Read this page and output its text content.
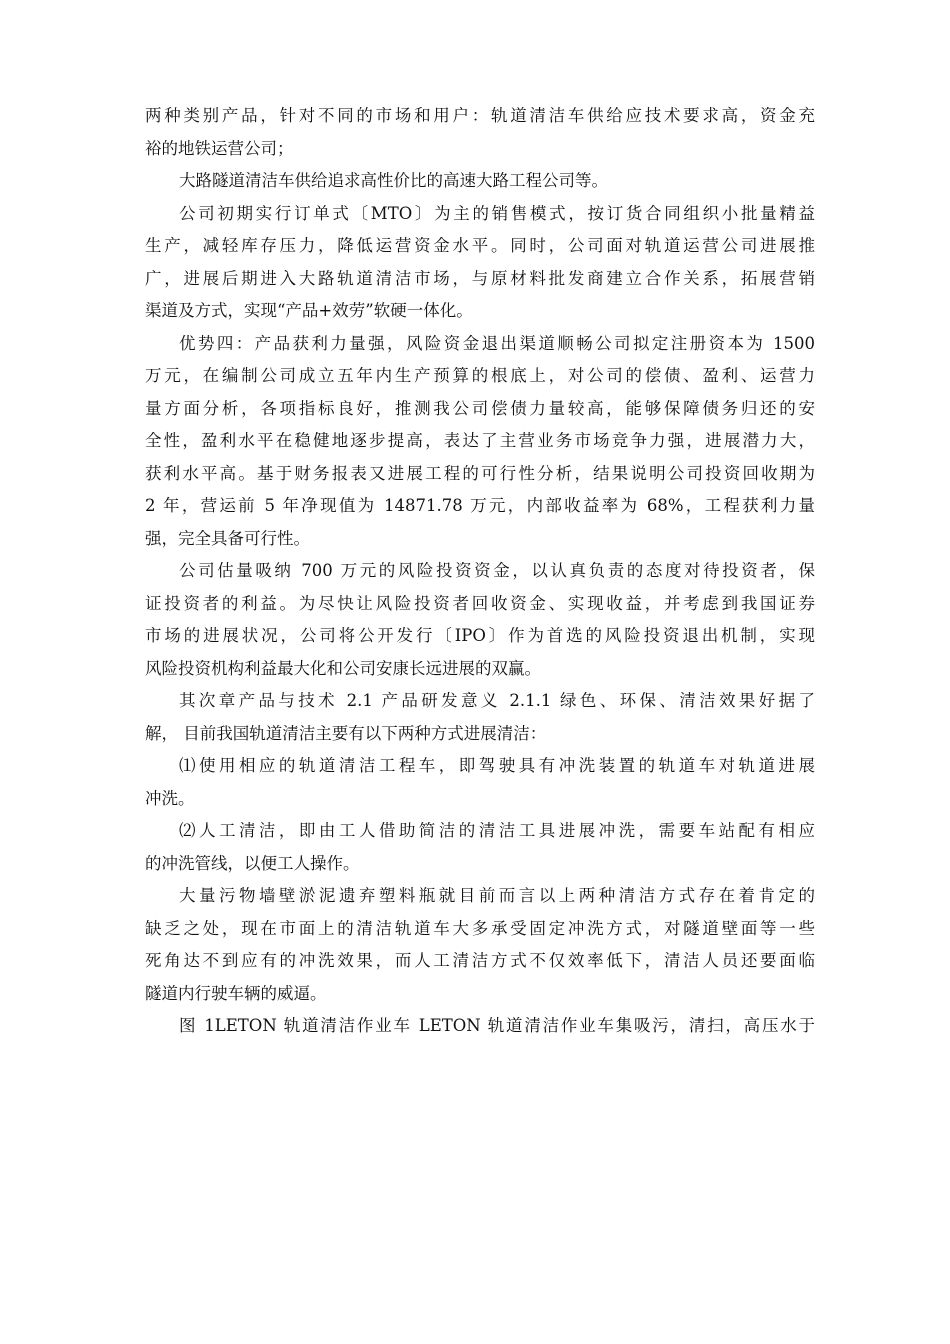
两种类别产品，针对不同的市场和用户：轨道清洁车供给应技术要求高，资金充
裕的地铁运营公司；
大路隧道清洁车供给追求高性价比的高速大路工程公司等。
公司初期实行订单式〔MTO〕为主的销售模式，按订货合同组织小批量精益
生产，减轻库存压力，降低运营资金水平。同时，公司面对轨道运营公司进展推
广，进展后期进入大路轨道清洁市场，与原材料批发商建立合作关系，拓展营销
渠道及方式，实现“产品+效劳”软硬一体化。
优势四：产品获利力量强，风险资金退出渠道顺畅公司拟定注册资本为 1500
万元，在编制公司成立五年内生产预算的根底上，对公司的偿债、盈利、运营力
量方面分析，各项指标良好，推测我公司偿债力量较高，能够保障债务归还的安
全性，盈利水平在稳健地逐步提高，表达了主营业务市场竞争力强，进展潜力大，
获利水平高。基于财务报表又进展工程的可行性分析，结果说明公司投资回收期为
2 年，营运前 5 年净现值为 14871.78 万元，内部收益率为 68%，工程获利力量
强，完全具备可行性。
公司估量吸纳 700 万元的风险投资资金，以认真负责的态度对待投资者，保
证投资者的利益。为尽快让风险投资者回收资金、实现收益，并考虑到我国证券
市场的进展状况，公司将公开发行〔IPO〕作为首选的风险投资退出机制，实现
风险投资机构利益最大化和公司安康长远进展的双赢。
其次章产品与技术 2.1 产品研发意义 2.1.1 绿色、环保、清洁效果好据了
解， 目前我国轨道清洁主要有以下两种方式进展清洁：
⑴使用相应的轨道清洁工程车，即驾驶具有冲洗装置的轨道车对轨道进展
冲洗。
⑵人工清洁，即由工人借助简洁的清洁工具进展冲洗，需要车站配有相应
的冲洗管线，以便工人操作。
大量污物墙壁淤泥遗弃塑料瓶就目前而言以上两种清洁方式存在着肯定的
缺乏之处，现在市面上的清洁轨道车大多承受固定冲洗方式，对隧道壁面等一些
死角达不到应有的冲洗效果，而人工清洁方式不仅效率低下，清洁人员还要面临
隧道内行驶车辆的威逼。
图 1LETON 轨道清洁作业车 LETON 轨道清洁作业车集吸污，清扫，高压水于
